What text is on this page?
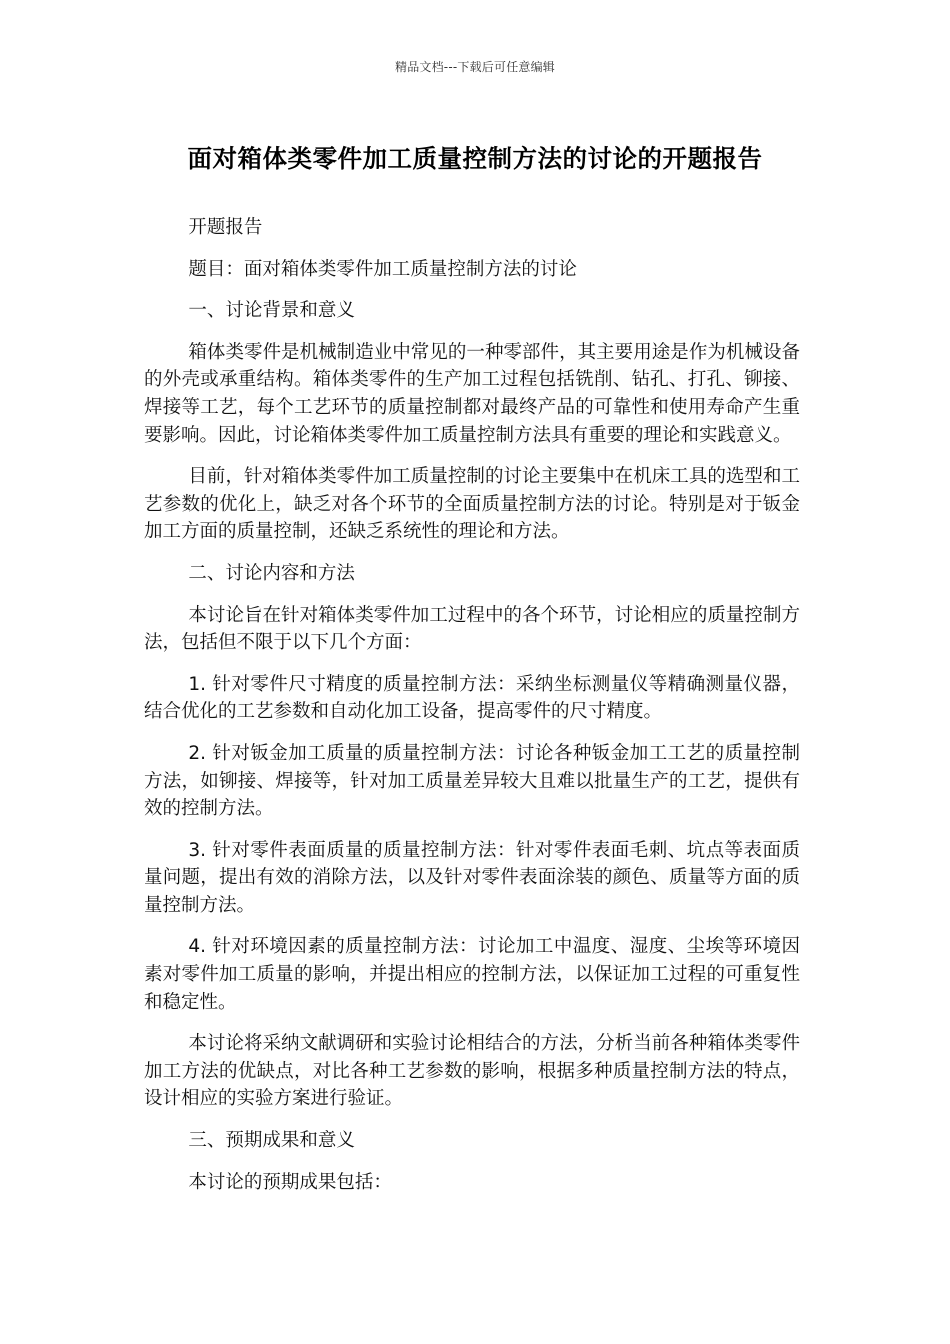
精品文档---下载后可任意编辑
面对箱体类零件加工质量控制方法的讨论的开题报告

开题报告

题目：面对箱体类零件加工质量控制方法的讨论

一、讨论背景和意义

箱体类零件是机械制造业中常见的一种零部件，其主要用途是作为机械设备的外壳或承重结构。箱体类零件的生产加工过程包括铣削、钻孔、打孔、铆接、焊接等工艺，每个工艺环节的质量控制都对最终产品的可靠性和使用寿命产生重要影响。因此，讨论箱体类零件加工质量控制方法具有重要的理论和实践意义。

目前，针对箱体类零件加工质量控制的讨论主要集中在机床工具的选型和工艺参数的优化上，缺乏对各个环节的全面质量控制方法的讨论。特别是对于钣金加工方面的质量控制，还缺乏系统性的理论和方法。

二、讨论内容和方法

本讨论旨在针对箱体类零件加工过程中的各个环节，讨论相应的质量控制方法，包括但不限于以下几个方面：

1. 针对零件尺寸精度的质量控制方法：采纳坐标测量仪等精确测量仪器，结合优化的工艺参数和自动化加工设备，提高零件的尺寸精度。

2. 针对钣金加工质量的质量控制方法：讨论各种钣金加工工艺的质量控制方法，如铆接、焊接等，针对加工质量差异较大且难以批量生产的工艺，提供有效的控制方法。

3. 针对零件表面质量的质量控制方法：针对零件表面毛刺、坑点等表面质量问题，提出有效的消除方法，以及针对零件表面涂装的颜色、质量等方面的质量控制方法。

4. 针对环境因素的质量控制方法：讨论加工中温度、湿度、尘埃等环境因素对零件加工质量的影响，并提出相应的控制方法，以保证加工过程的可重复性和稳定性。

本讨论将采纳文献调研和实验讨论相结合的方法，分析当前各种箱体类零件加工方法的优缺点，对比各种工艺参数的影响，根据多种质量控制方法的特点，设计相应的实验方案进行验证。

三、预期成果和意义

本讨论的预期成果包括：
